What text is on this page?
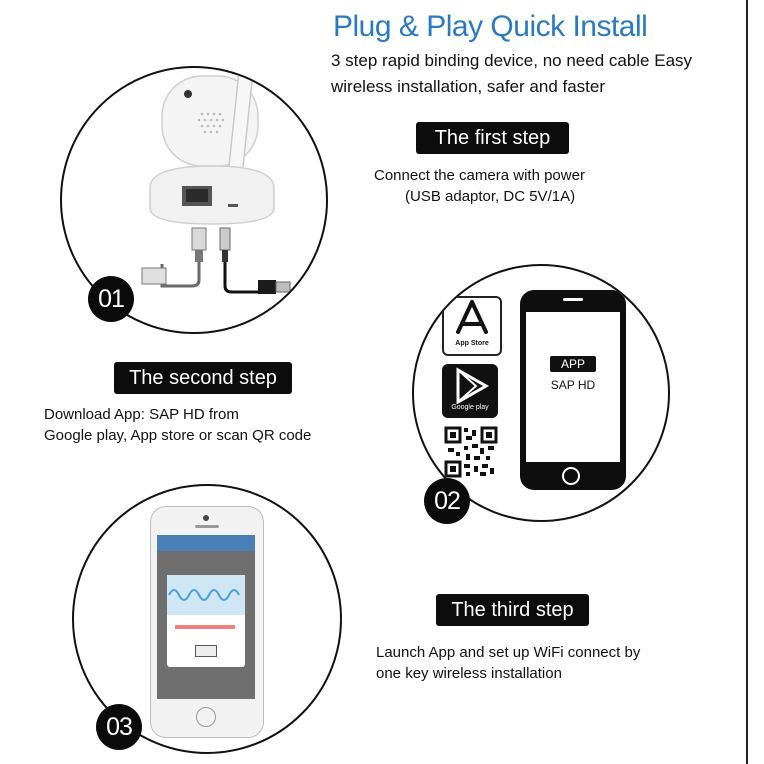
Plug & Play Quick Install
3 step rapid binding device, no need cable Easy wireless installation, safer and faster
01
The first step
Connect the camera with power
(USB adaptor, DC 5V/1A)
The second step
Download App: SAP HD from
Google play, App store or scan QR code
App Store
Google play
APP
SAP HD
02
03
The third step
Launch App and set up WiFi connect by
one key wireless installation
